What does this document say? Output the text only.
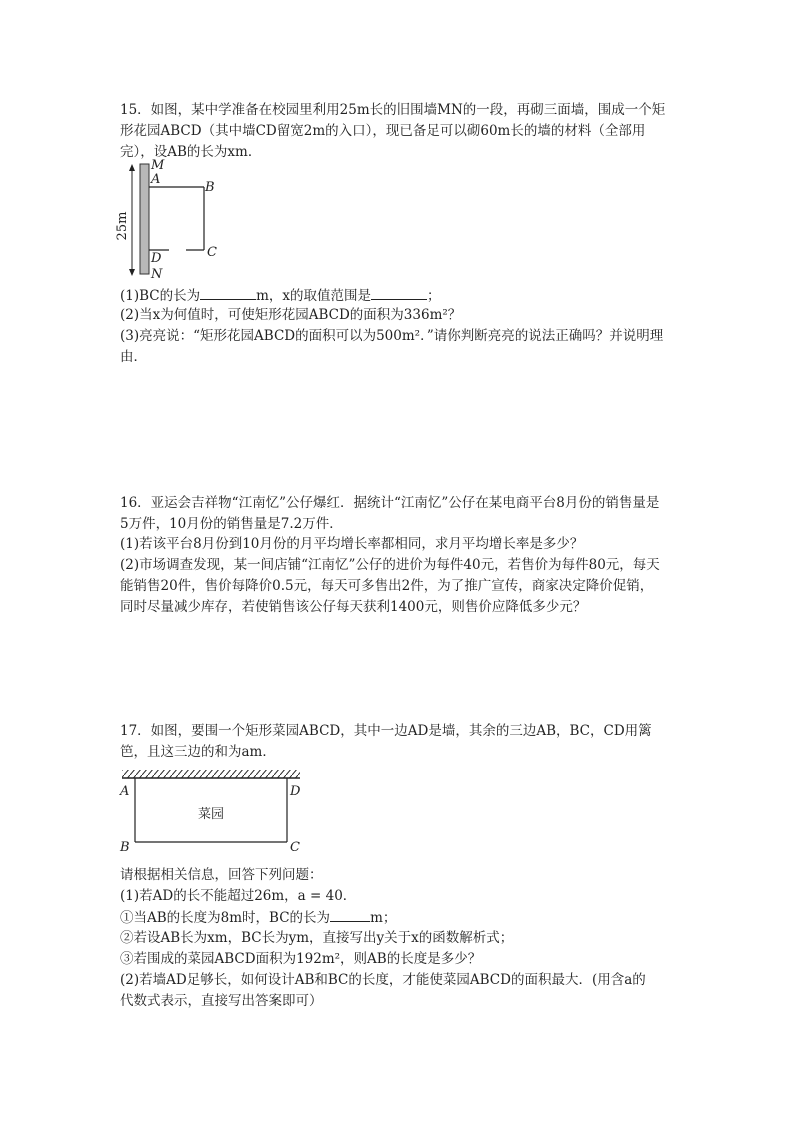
15．如图，某中学准备在校园里利用25m长的旧围墙MN的一段，再砌三面墙，围成一个矩
形花园ABCD（其中墙CD留宽2m的入口），现已备足可以砌60m长的墙的材料（全部用
完），设AB的长为xm．
25m
M
A
B
C
D
N
(1)BC的长为	m，x的取值范围是	；
(2)当x为何值时，可使矩形花园ABCD的面积为336m²？
(3)亮亮说：“矩形花园ABCD的面积可以为500m²．”请你判断亮亮的说法正确吗？并说明理
由．
16．亚运会吉祥物“江南忆”公仔爆红．据统计“江南忆”公仔在某电商平台8月份的销售量是
5万件，10月份的销售量是7.2万件．
(1)若该平台8月份到10月份的月平均增长率都相同，求月平均增长率是多少？
(2)市场调查发现，某一间店铺“江南忆”公仔的进价为每件40元，若售价为每件80元，每天
能销售20件，售价每降价0.5元，每天可多售出2件，为了推广宣传，商家决定降价促销，
同时尽量减少库存，若使销售该公仔每天获利1400元，则售价应降低多少元？
17．如图，要围一个矩形菜园ABCD，其中一边AD是墙，其余的三边AB，BC，CD用篱
笆，且这三边的和为am．
A	D
B	C
菜园
请根据相关信息，回答下列问题：
(1)若AD的长不能超过26m，a = 40．
①当AB的长度为8m时，BC的长为	m；
②若设AB长为xm，BC长为ym，直接写出y关于x的函数解析式；
③若围成的菜园ABCD面积为192m²，则AB的长度是多少？
(2)若墙AD足够长，如何设计AB和BC的长度，才能使菜园ABCD的面积最大．(用含a的
代数式表示，直接写出答案即可）
